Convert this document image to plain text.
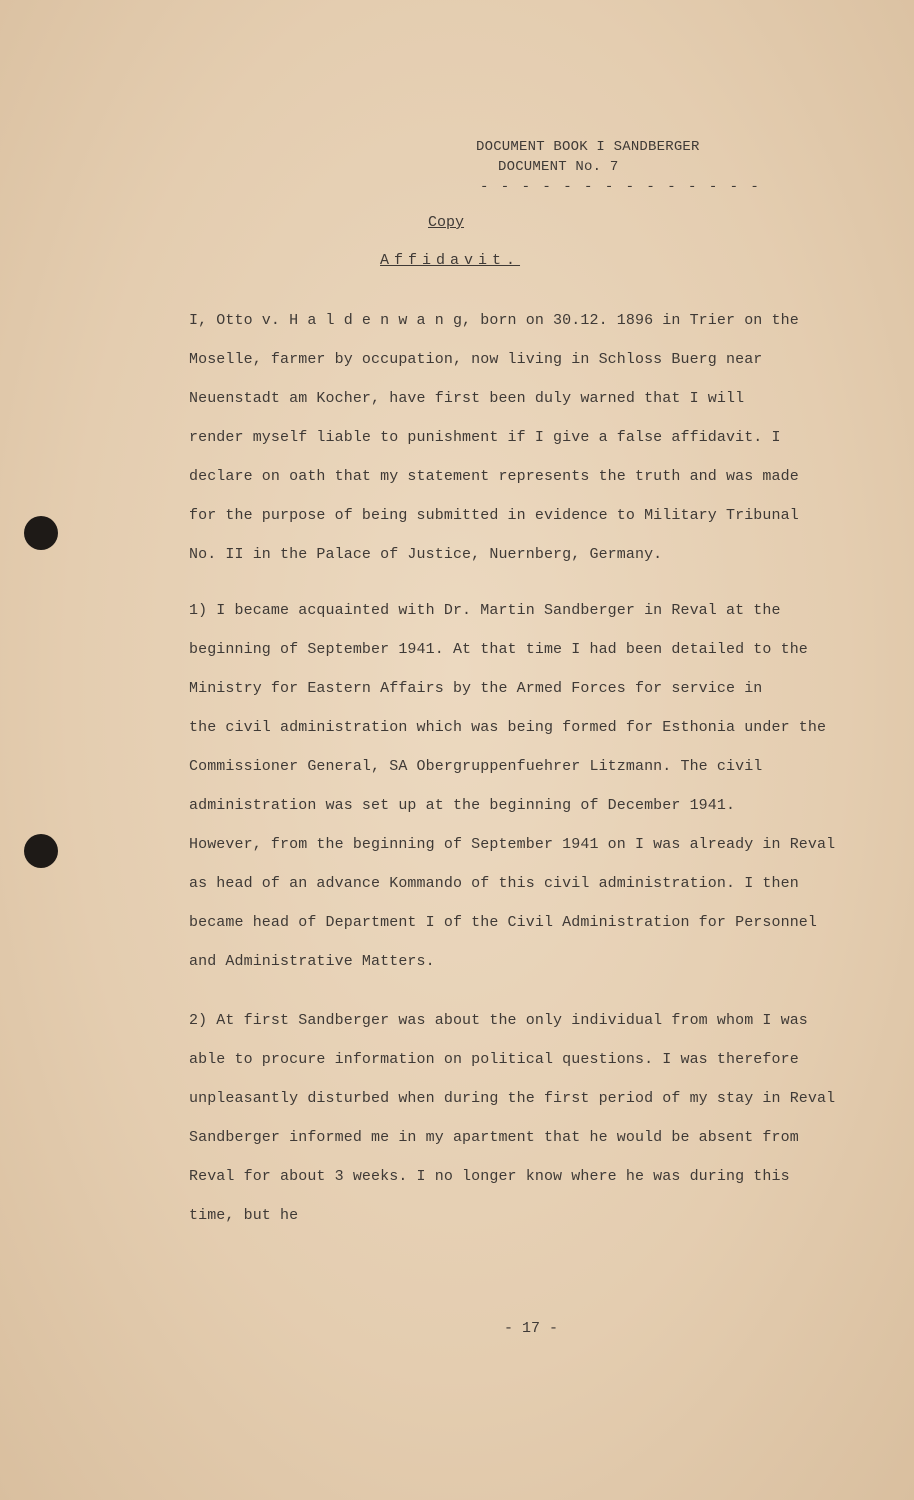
DOCUMENT BOOK I SANDBERGER
DOCUMENT No. 7
- - - - - - - - - - - - - -
Copy
Affidavit.
I, Otto v. H a l d e n w a n g, born on 30.12. 1896 in Trier on the
Moselle, farmer by occupation, now living in Schloss Buerg near
Neuenstadt am Kocher, have first been duly warned that I will
render myself liable to punishment if I give a false affidavit. I
declare on oath that my statement represents the truth and was made
for the purpose of being submitted in evidence to Military Tribunal
No. II in the Palace of Justice, Nuernberg, Germany.
1) I became acquainted with Dr. Martin Sandberger in Reval at the
beginning of September 1941. At that time I had been detailed to the
Ministry for Eastern Affairs by the Armed Forces for service in
the civil administration which was being formed for Esthonia under the
Commissioner General, SA Obergruppenfuehrer Litzmann. The civil
administration was set up at the beginning of December 1941.
However, from the beginning of September 1941 on I was already in Reval
as head of an advance Kommando of this civil administration. I then
became head of Department I of the Civil Administration for Personnel
and Administrative Matters.
2) At first Sandberger was about the only individual from whom I was
able to procure information on political questions. I was therefore
unpleasantly disturbed when during the first period of my stay in Reval
Sandberger informed me in my apartment that he would be absent from
Reval for about 3 weeks. I no longer know where he was during this
time, but he
- 17 -
